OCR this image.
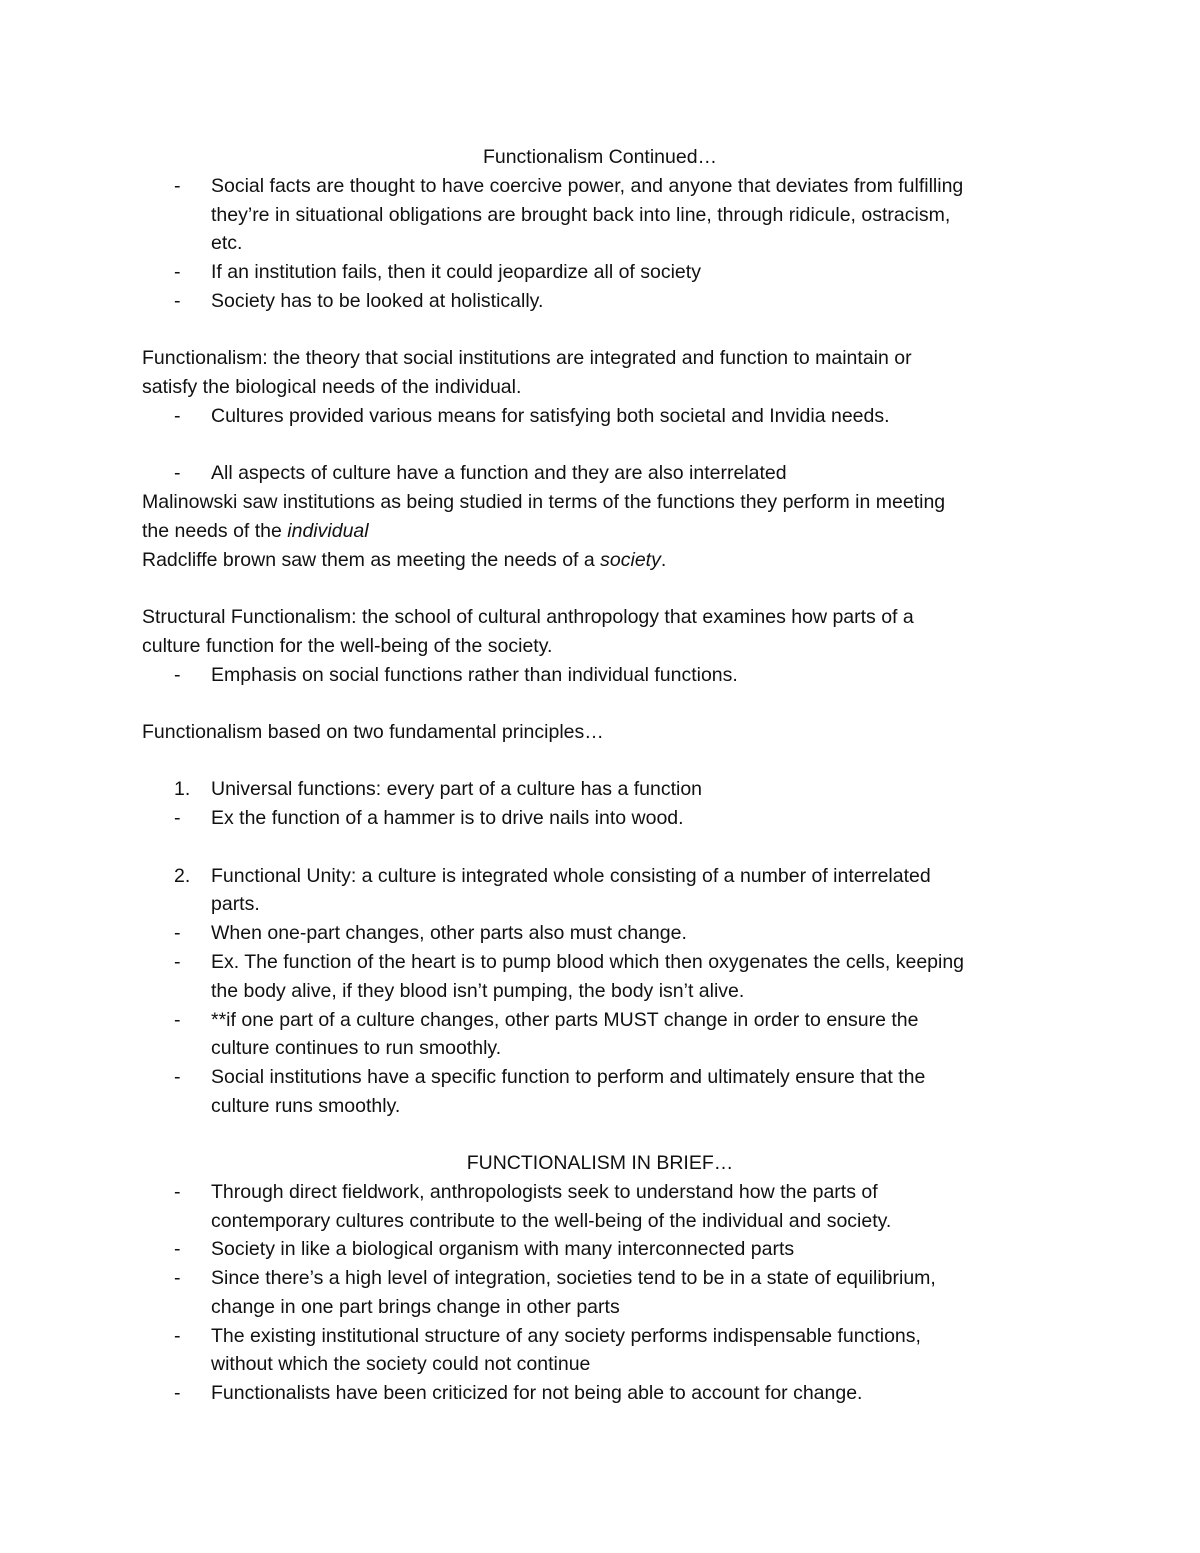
Functionalism Continued…
-	Social facts are thought to have coercive power, and anyone that deviates from fulfilling
they’re in situational obligations are brought back into line, through ridicule, ostracism,
etc.
-	If an institution fails, then it could jeopardize all of society
-	Society has to be looked at holistically.
Functionalism: the theory that social institutions are integrated and function to maintain or
satisfy the biological needs of the individual.
-	Cultures provided various means for satisfying both societal and Invidia needs.
-	All aspects of culture have a function and they are also interrelated
Malinowski saw institutions as being studied in terms of the functions they perform in meeting
the needs of the individual
Radcliffe brown saw them as meeting the needs of a society.
Structural Functionalism: the school of cultural anthropology that examines how parts of a
culture function for the well-being of the society.
-	Emphasis on social functions rather than individual functions.
Functionalism based on two fundamental principles…
1.	Universal functions: every part of a culture has a function
-	Ex the function of a hammer is to drive nails into wood.
2.	Functional Unity: a culture is integrated whole consisting of a number of interrelated
parts.
-	When one-part changes, other parts also must change.
-	Ex. The function of the heart is to pump blood which then oxygenates the cells, keeping
the body alive, if they blood isn’t pumping, the body isn’t alive.
-	**if one part of a culture changes, other parts MUST change in order to ensure the
culture continues to run smoothly.
-	Social institutions have a specific function to perform and ultimately ensure that the
culture runs smoothly.
FUNCTIONALISM IN BRIEF…
-	Through direct fieldwork, anthropologists seek to understand how the parts of
contemporary cultures contribute to the well-being of the individual and society.
-	Society in like a biological organism with many interconnected parts
-	Since there’s a high level of integration, societies tend to be in a state of equilibrium,
change in one part brings change in other parts
-	The existing institutional structure of any society performs indispensable functions,
without which the society could not continue
-	Functionalists have been criticized for not being able to account for change.
